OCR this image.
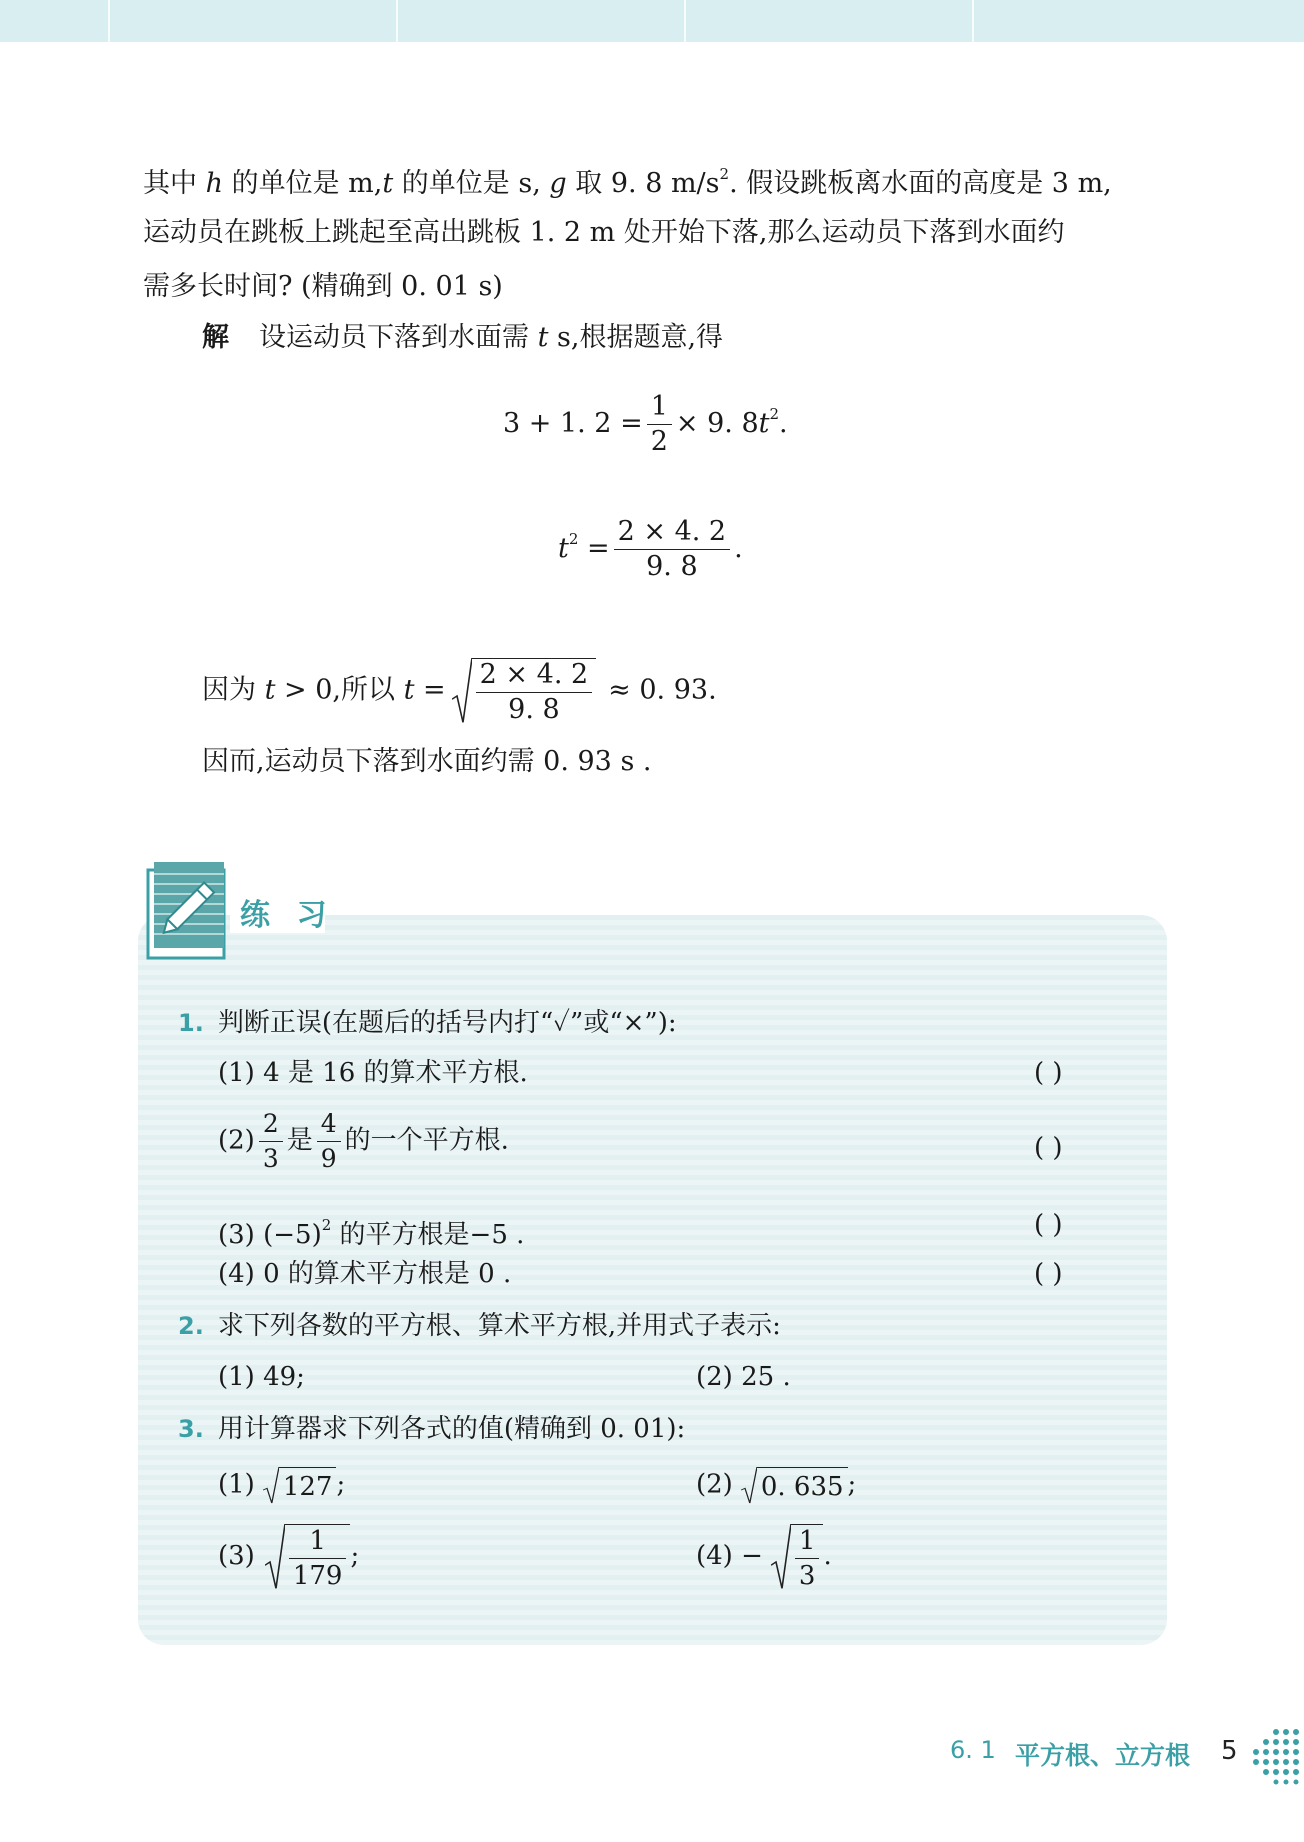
其中 h 的单位是 m,t 的单位是 s, g 取 9. 8 $m/s^2$. 假设跳板离水面的高度是 3 m,
运动员在跳板上跳起至高出跳板 1. 2 m 处开始下落,那么运动员下落到水面约
需多长时间? (精确到 0. 01 s)
解 设运动员下落到水面需 t s,根据题意,得
3 + 1. $2 = \frac{1}{2} \times 9$. $8t^2$.
$t^2 = \frac{2 \times 4. 2}{9. 8}$ .
因为 t > 0,所以 $t = \frac{2 \times 4. 2}{9. 8} \approx 0$. 93.
因而,运动员下落到水面约需 0. 93 s .
练 习
1. 判断正误(在题后的括号内打“✓”或“×”):
(1) 4 是 16 的算术平方根.	( )
$(2) \frac{2}{3}$ 是 $\frac{4}{9}$ 的一个平方根.	( )
(3) $(-5)^2$ 的平方根是−5 .	( )
(4) 0 的算术平方根是 0 .	( )
2. 求下列各数的平方根、算术平方根,并用式子表示:
(1) 49;	(2) 25 .
3. 用计算器求下列各式的值(精确到 0. 01):
(1) 127 ;	(2) 0. 635 ;
$(3) \frac{1}{179}$ ;	$(4) - \frac{1}{3}$ .
6. 1 平方根、立方根 5
